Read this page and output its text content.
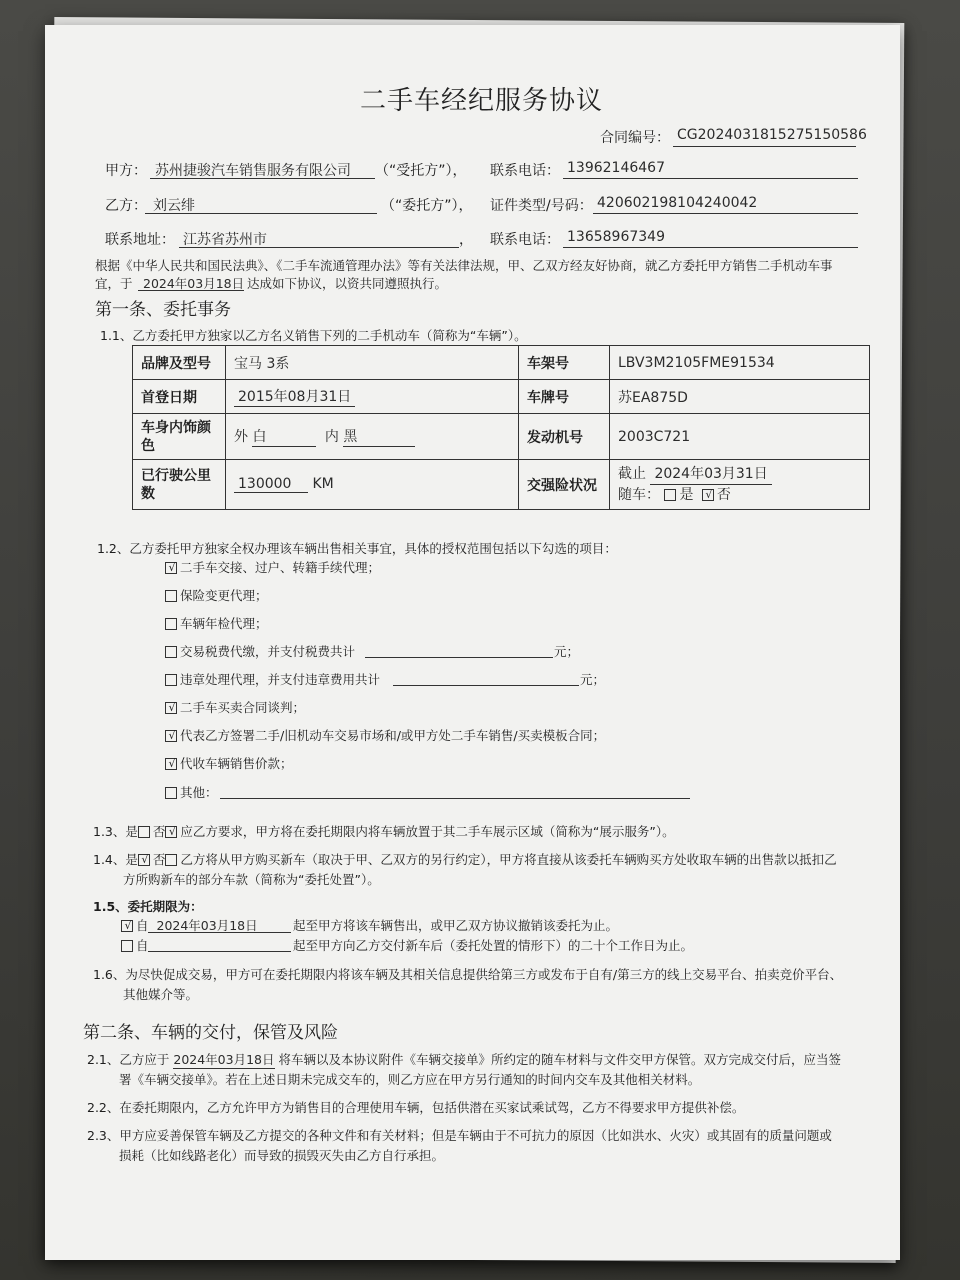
二手车经纪服务协议
合同编号： CG2024031815275150586
甲方： 苏州捷骏汽车销售服务有限公司 （“受托方”）， 联系电话： 13962146467
乙方： 刘云绯	（“委托方”）， 证件类型/号码： 420602198104240042
联系地址： 江苏省苏州市	， 联系电话： 13658967349
根据《中华人民共和国民法典》、《二手车流通管理办法》等有关法律法规，甲、乙双方经友好协商，就乙方委托甲方销售二手机动车事
宜，于 2024年03月18日 达成如下协议，以资共同遵照执行。
第一条、委托事务
1.1、乙方委托甲方独家以乙方名义销售下列的二手机动车（简称为“车辆”）。
品牌及型号	宝马 3系	车架号	LBV3M2105FME91534
首登日期	2015年08月31日	车牌号	苏EA875D
车身内饰颜色	外 白 内 黑	发动机号	2003C721
已行驶公里数	130000 KM	交强险状况	截止 2024年03月31日
随车： 是 √ 否
1.2、乙方委托甲方独家全权办理该车辆出售相关事宜，具体的授权范围包括以下勾选的项目：
√ 二手车交接、过户、转籍手续代理；
保险变更代理；
车辆年检代理；
交易税费代缴，并支付税费共计	元；
违章处理代理，并支付违章费用共计	元；
√ 二手车买卖合同谈判；
√ 代表乙方签署二手/旧机动车交易市场和/或甲方处二手车销售/买卖模板合同；
√ 代收车辆销售价款；
其他：
1.3、是 否 √ 应乙方要求，甲方将在委托期限内将车辆放置于其二手车展示区域（简称为“展示服务”）。
1.4、是 √ 否 乙方将从甲方购买新车（取决于甲、乙双方的另行约定），甲方将直接从该委托车辆购买方处收取车辆的出售款以抵扣乙
方所购新车的部分车款（简称为“委托处置”）。
1.5、委托期限为：
√ 自 2024年03月18日	起至甲方将该车辆售出，或甲乙双方协议撤销该委托为止。
自	起至甲方向乙方交付新车后（委托处置的情形下）的二十个工作日为止。
1.6、为尽快促成交易，甲方可在委托期限内将该车辆及其相关信息提供给第三方或发布于自有/第三方的线上交易平台、拍卖竞价平台、
其他媒介等。
第二条、车辆的交付，保管及风险
2.1、乙方应于 2024年03月18日 将车辆以及本协议附件《车辆交接单》所约定的随车材料与文件交甲方保管。双方完成交付后，应当签
署《车辆交接单》。若在上述日期未完成交车的，则乙方应在甲方另行通知的时间内交车及其他相关材料。
2.2、在委托期限内，乙方允许甲方为销售目的合理使用车辆，包括供潜在买家试乘试驾，乙方不得要求甲方提供补偿。
2.3、甲方应妥善保管车辆及乙方提交的各种文件和有关材料；但是车辆由于不可抗力的原因（比如洪水、火灾）或其固有的质量问题或
损耗（比如线路老化）而导致的损毁灭失由乙方自行承担。
